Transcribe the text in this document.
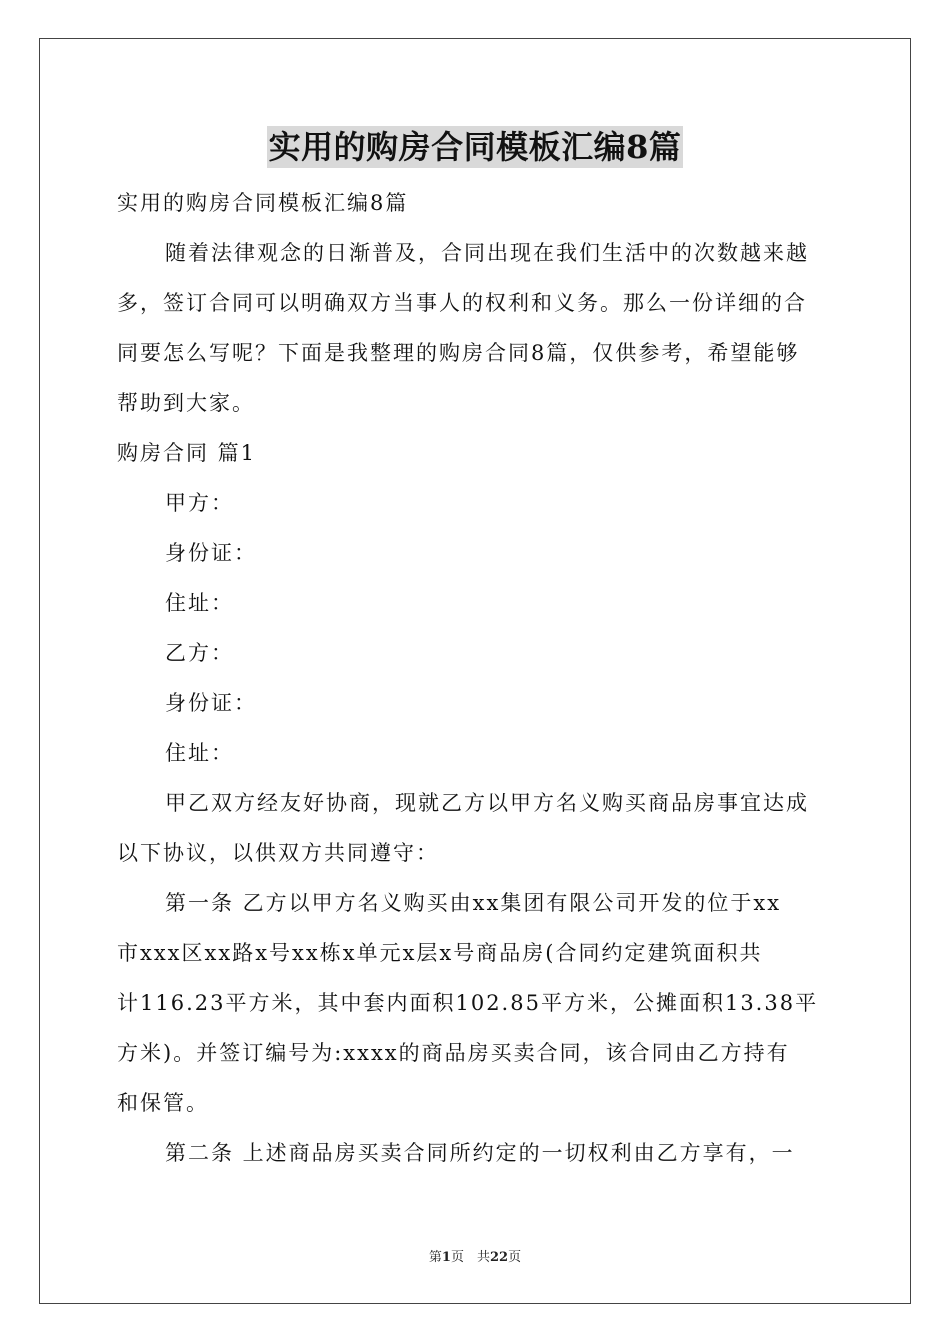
实用的购房合同模板汇编8篇
实用的购房合同模板汇编8篇
随着法律观念的日渐普及，合同出现在我们生活中的次数越来越
多，签订合同可以明确双方当事人的权利和义务。那么一份详细的合
同要怎么写呢？下面是我整理的购房合同8篇，仅供参考，希望能够
帮助到大家。
购房合同 篇1
甲方：
身份证：
住址：
乙方：
身份证：
住址：
甲乙双方经友好协商，现就乙方以甲方名义购买商品房事宜达成
以下协议，以供双方共同遵守：
第一条 乙方以甲方名义购买由xx集团有限公司开发的位于xx
市xxx区xx路x号xx栋x单元x层x号商品房(合同约定建筑面积共
计116.23平方米，其中套内面积102.85平方米，公摊面积13.38平
方米)。并签订编号为:xxxx的商品房买卖合同，该合同由乙方持有
和保管。
第二条 上述商品房买卖合同所约定的一切权利由乙方享有，一
第1页　共22页
